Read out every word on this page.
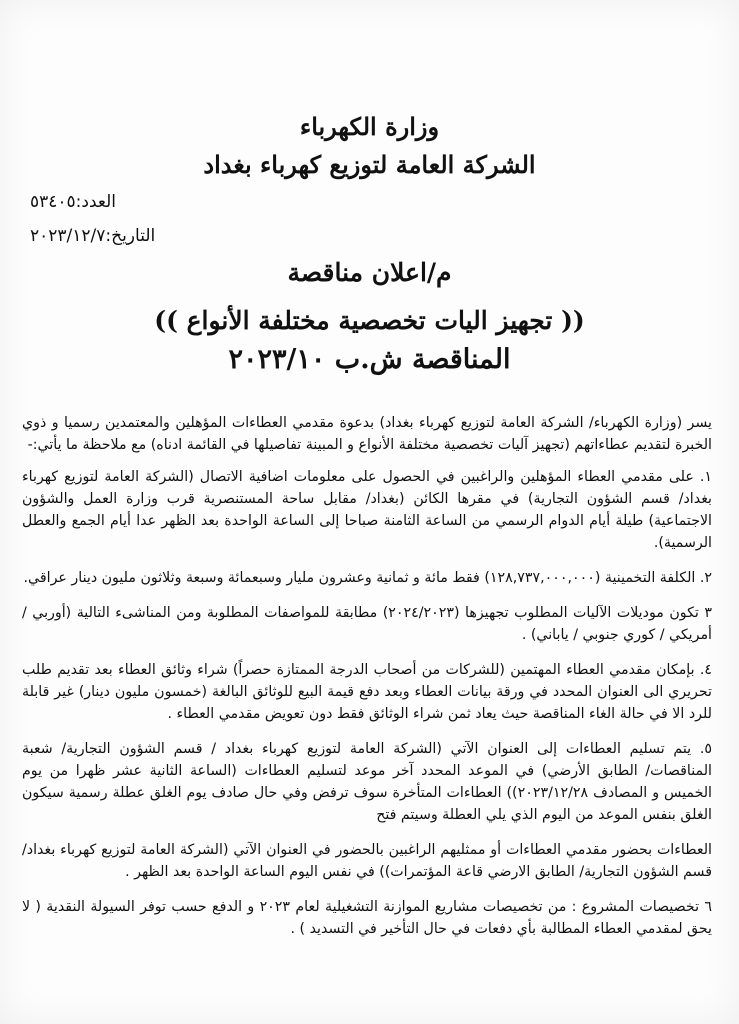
وزارة الكهرباء
الشركة العامة لتوزيع كهرباء بغداد
العدد:٥٣٤٠٥
التاريخ:٢٠٢٣/١٢/٧
م/اعلان مناقصة
(( تجهيز اليات تخصصية مختلفة الأنواع ))
المناقصة ش.ب ٢٠٢٣/١٠

يسر (وزارة الكهرباء/ الشركة العامة لتوزيع كهرباء بغداد) بدعوة مقدمي العطاءات المؤهلين والمعتمدين رسميا و ذوي الخبرة لتقديم عطاءاتهم (تجهيز آليات تخصصية مختلفة الأنواع و المبينة تفاصيلها في القائمة ادناه) مع ملاحظة ما يأتي:-

١. على مقدمي العطاء المؤهلين والراغبين في الحصول على معلومات اضافية الاتصال (الشركة العامة لتوزيع كهرباء بغداد/ قسم الشؤون التجارية) في مقرها الكائن (بغداد/ مقابل ساحة المستنصرية قرب وزارة العمل والشؤون الاجتماعية) طيلة أيام الدوام الرسمي من الساعة الثامنة صباحا إلى الساعة الواحدة بعد الظهر عدا أيام الجمع والعطل الرسمية).

٢. الكلفة التخمينية (١٢٨,٧٣٧,٠٠٠,٠٠٠) فقط مائة و ثمانية وعشرون مليار وسبعمائة وسبعة وثلاثون مليون دينار عراقي.

٣ تكون موديلات الآليات المطلوب تجهيزها (٢٠٢٤/٢٠٢٣) مطابقة للمواصفات المطلوبة ومن المناشىء التالية (أوربي /أمريكي / كوري جنوبي / ياباني) .

٤. بإمكان مقدمي العطاء المهتمين (للشركات من أصحاب الدرجة الممتازة حصراً) شراء وثائق العطاء بعد تقديم طلب تحريري الى العنوان المحدد في ورقة بيانات العطاء وبعد دفع قيمة البيع للوثائق البالغة (خمسون مليون دينار) غير قابلة للرد الا في حالة الغاء المناقصة حيث يعاد ثمن شراء الوثائق فقط دون تعويض مقدمي العطاء .

٥. يتم تسليم العطاءات إلى العنوان الآتي (الشركة العامة لتوزيع كهرباء بغداد / قسم الشؤون التجارية/ شعبة المناقصات/ الطابق الأرضي) في الموعد المحدد آخر موعد لتسليم العطاءات (الساعة الثانية عشر ظهرا من يوم الخميس و المصادف ٢٠٢٣/١٢/٢٨)) العطاءات المتأخرة سوف ترفض وفي حال صادف يوم الغلق عطلة رسمية سيكون الغلق بنفس الموعد من اليوم الذي يلي العطلة وسيتم فتح

العطاءات بحضور مقدمي العطاءات أو ممثليهم الراغبين بالحضور في العنوان الآتي (الشركة العامة لتوزيع كهرباء بغداد/ قسم الشؤون التجارية/ الطابق الارضي قاعة المؤتمرات)) في نفس اليوم الساعة الواحدة بعد الظهر .

٦ تخصيصات المشروع : من تخصيصات مشاريع الموازنة التشغيلية لعام ٢٠٢٣ و الدفع حسب توفر السيولة النقدية ( لا يحق لمقدمي العطاء المطالبة بأي دفعات في حال التأخير في التسديد ) .
